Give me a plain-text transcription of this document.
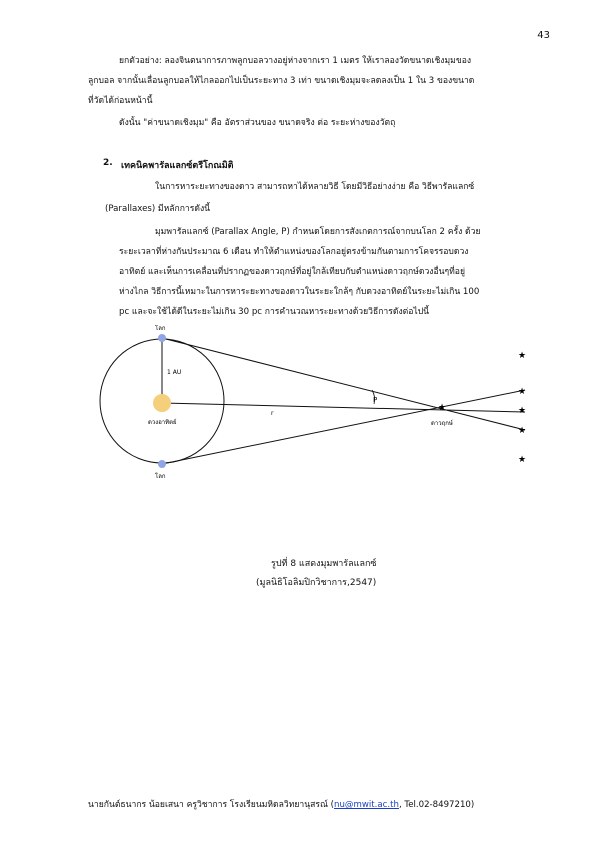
43
ยกตัวอย่าง: ลองจินตนาการภาพลูกบอลวางอยู่ห่างจากเรา 1 เมตร ให้เราลองวัดขนาดเชิงมุมของ
ลูกบอล จากนั้นเลื่อนลูกบอลให้ไกลออกไปเป็นระยะทาง 3 เท่า ขนาดเชิงมุมจะลดลงเป็น 1 ใน 3 ของขนาด
ที่วัดได้ก่อนหน้านี้
ดังนั้น "ค่าขนาดเชิงมุม" คือ อัตราส่วนของ ขนาดจริง ต่อ ระยะห่างของวัตถุ
2. เทคนิคพารัลแลกซ์ตรีโกณมิติ
ในการหาระยะทางของดาว สามารถหาได้หลายวิธี โดยมีวิธีอย่างง่าย คือ วิธีพารัลแลกซ์
(Parallaxes) มีหลักการดังนี้
มุมพารัลแลกซ์ (Parallax Angle, P) กำหนดโดยการสังเกตการณ์จากบนโลก 2 ครั้ง ด้วย
ระยะเวลาที่ห่างกันประมาณ 6 เดือน ทำให้ตำแหน่งของโลกอยู่ตรงข้ามกันตามการโคจรรอบดวง
อาทิตย์ และเห็นการเคลื่อนที่ปรากฏของดาวฤกษ์ที่อยู่ใกล้เทียบกับตำแหน่งดาวฤกษ์ดวงอื่นๆที่อยู่
ห่างไกล วิธีการนี้เหมาะในการหาระยะทางของดาวในระยะใกล้ๆ กับดวงอาทิตย์ในระยะไม่เกิน 100
pc และจะใช้ได้ดีในระยะไม่เกิน 30 pc การคำนวณหาระยะทางด้วยวิธีการดังต่อไปนี้
★
★
★
★
★
★
โลก
โลก
ดวงอาทิตย์
1 AU
r
P
ดาวฤกษ์
รูปที่ 8 แสดงมุมพารัลแลกซ์
(มูลนิธิโอลิมปิกวิชาการ,2547)
นายกันต์ธนากร น้อยเสนา ครูวิชาการ โรงเรียนมหิดลวิทยานุสรณ์ (nu@mwit.ac.th, Tel.02-8497210)
